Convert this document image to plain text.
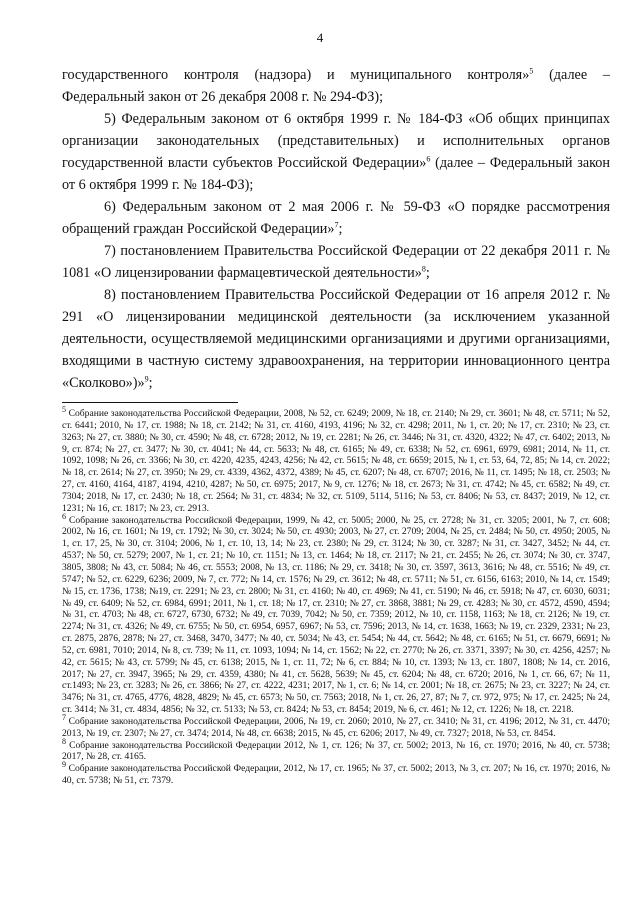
4

государственного контроля (надзора) и муниципального контроля»$^5$ (далее – Федеральный закон от 26 декабря 2008 г. № 294-ФЗ);

5) Федеральным законом от 6 октября 1999 г. № 184-ФЗ «Об общих принципах организации законодательных (представительных) и исполнительных органов государственной власти субъектов Российской Федерации»$^6$ (далее – Федеральный закон от 6 октября 1999 г. № 184-ФЗ);

6) Федеральным законом от 2 мая 2006 г. № 59-ФЗ «О порядке рассмотрения обращений граждан Российской Федерации»$^7$;

7) постановлением Правительства Российской Федерации от 22 декабря 2011 г. № 1081 «О лицензировании фармацевтической деятельности»$^8$;

8) постановлением Правительства Российской Федерации от 16 апреля 2012 г. № 291 «О лицензировании медицинской деятельности (за исключением указанной деятельности, осуществляемой медицинскими организациями и другими организациями, входящими в частную систему здравоохранения, на территории инновационного центра «Сколково»)»$^9$;

$^5$ Собрание законодательства Российской Федерации, 2008, № 52, ст. 6249; 2009, № 18, ст. 2140; № 29, ст. 3601; № 48, ст. 5711; № 52, ст. 6441; 2010, № 17, ст. 1988; № 18, ст. 2142; № 31, ст. 4160, 4193, 4196; № 32, ст. 4298; 2011, № 1, ст. 20; № 17, ст. 2310; № 23, ст. 3263; № 27, ст. 3880; № 30, ст. 4590; № 48, ст. 6728; 2012, № 19, ст. 2281; № 26, ст. 3446; № 31, ст. 4320, 4322; № 47, ст. 6402; 2013, № 9, ст. 874; № 27, ст. 3477; № 30, ст. 4041; № 44, ст. 5633; № 48, ст. 6165; № 49, ст. 6338; № 52, ст. 6961, 6979, 6981; 2014, № 11, ст. 1092, 1098; № 26, ст. 3366; № 30, ст. 4220, 4235, 4243, 4256; № 42, ст. 5615; № 48, ст. 6659; 2015, № 1, ст. 53, 64, 72, 85; № 14, ст. 2022; № 18, ст. 2614; № 27, ст. 3950; № 29, ст. 4339, 4362, 4372, 4389; № 45, ст. 6207; № 48, ст. 6707; 2016, № 11, ст. 1495; № 18, ст. 2503; № 27, ст. 4160, 4164, 4187, 4194, 4210, 4287; № 50, ст. 6975; 2017, № 9, ст. 1276; № 18, ст. 2673; № 31, ст. 4742; № 45, ст. 6582; № 49, ст. 7304; 2018, № 17, ст. 2430; № 18, ст. 2564; № 31, ст. 4834; № 32, ст. 5109, 5114, 5116; № 53, ст. 8406; № 53, ст. 8437; 2019, № 12, ст. 1231; № 16, ст. 1817; № 23, ст. 2913.

$^6$ Собрание законодательства Российской Федерации, 1999, № 42, ст. 5005; 2000, № 25, ст. 2728; № 31, ст. 3205; 2001, № 7, ст. 608; 2002, № 16, ст. 1601; № 19, ст. 1792; № 30, ст. 3024; № 50, ст. 4930; 2003, № 27, ст. 2709; 2004, № 25, ст. 2484; № 50, ст. 4950; 2005, № 1, ст. 17, 25, № 30, ст. 3104; 2006, № 1, ст. 10, 13, 14; № 23, ст. 2380; № 29, ст. 3124; № 30, ст. 3287; № 31, ст. 3427, 3452; № 44, ст. 4537; № 50, ст. 5279; 2007, № 1, ст. 21; № 10, ст. 1151; № 13, ст. 1464; № 18, ст. 2117; № 21, ст. 2455; № 26, ст. 3074; № 30, ст. 3747, 3805, 3808; № 43, ст. 5084; № 46, ст. 5553; 2008, № 13, ст. 1186; № 29, ст. 3418; № 30, ст. 3597, 3613, 3616; № 48, ст. 5516; № 49, ст. 5747; № 52, ст. 6229, 6236; 2009, № 7, ст. 772; № 14, ст. 1576; № 29, ст. 3612; № 48, ст. 5711; № 51, ст. 6156, 6163; 2010, № 14, ст. 1549; № 15, ст. 1736, 1738; №19, ст. 2291; № 23, ст. 2800; № 31, ст. 4160; № 40, ст. 4969; № 41, ст. 5190; № 46, ст. 5918; № 47, ст. 6030, 6031; № 49, ст. 6409; № 52, ст. 6984, 6991; 2011, № 1, ст. 18; № 17, ст. 2310; № 27, ст. 3868, 3881; № 29, ст. 4283; № 30, ст. 4572, 4590, 4594; № 31, ст. 4703; № 48, ст. 6727, 6730, 6732; № 49, ст. 7039, 7042; № 50, ст. 7359; 2012, № 10, ст. 1158, 1163; № 18, ст. 2126; № 19, ст. 2274; № 31, ст. 4326; № 49, ст. 6755; № 50, ст. 6954, 6957, 6967; № 53, ст. 7596; 2013, № 14, ст. 1638, 1663; № 19, ст. 2329, 2331; № 23, ст. 2875, 2876, 2878; № 27, ст. 3468, 3470, 3477; № 40, ст. 5034; № 43, ст. 5454; № 44, ст. 5642; № 48, ст. 6165; № 51, ст. 6679, 6691; № 52, ст. 6981, 7010; 2014, № 8, ст. 739; № 11, ст. 1093, 1094; № 14, ст. 1562; № 22, ст. 2770; № 26, ст. 3371, 3397; № 30, ст. 4256, 4257; № 42, ст. 5615; № 43, ст. 5799; № 45, ст. 6138; 2015, № 1, ст. 11, 72; № 6, ст. 884; № 10, ст. 1393; № 13, ст. 1807, 1808; № 14, ст. 2016, 2017; № 27, ст. 3947, 3965; № 29, ст. 4359, 4380; № 41, ст. 5628, 5639; № 45, ст. 6204; № 48, ст. 6720; 2016, № 1, ст. 66, 67; № 11, ст.1493; № 23, ст. 3283; № 26, ст. 3866; № 27, ст. 4222, 4231; 2017, № 1, ст. 6; № 14, ст. 2001; № 18, ст. 2675; № 23, ст. 3227; № 24, ст. 3476; № 31, ст. 4765, 4776, 4828, 4829; № 45, ст. 6573; № 50, ст. 7563; 2018, № 1, ст. 26, 27, 87; № 7, ст. 972, 975; № 17, ст. 2425; № 24, ст. 3414; № 31, ст. 4834, 4856; № 32, ст. 5133; № 53, ст. 8424; № 53, ст. 8454; 2019, № 6, ст. 461; № 12, ст. 1226; № 18, ст. 2218.

$^7$ Собрание законодательства Российской Федерации, 2006, № 19, ст. 2060; 2010, № 27, ст. 3410; № 31, ст. 4196; 2012, № 31, ст. 4470; 2013, № 19, ст. 2307; № 27, ст. 3474; 2014, № 48, ст. 6638; 2015, № 45, ст. 6206; 2017, № 49, ст. 7327; 2018, № 53, ст. 8454.

$^8$ Собрание законодательства Российской Федерации 2012, № 1, ст. 126; № 37, ст. 5002; 2013, № 16, ст. 1970; 2016, № 40, ст. 5738; 2017, № 28, ст. 4165.

$^9$ Собрание законодательства Российской Федерации, 2012, № 17, ст. 1965; № 37, ст. 5002; 2013, № 3, ст. 207; № 16, ст. 1970; 2016, № 40, ст. 5738; № 51, ст. 7379.
